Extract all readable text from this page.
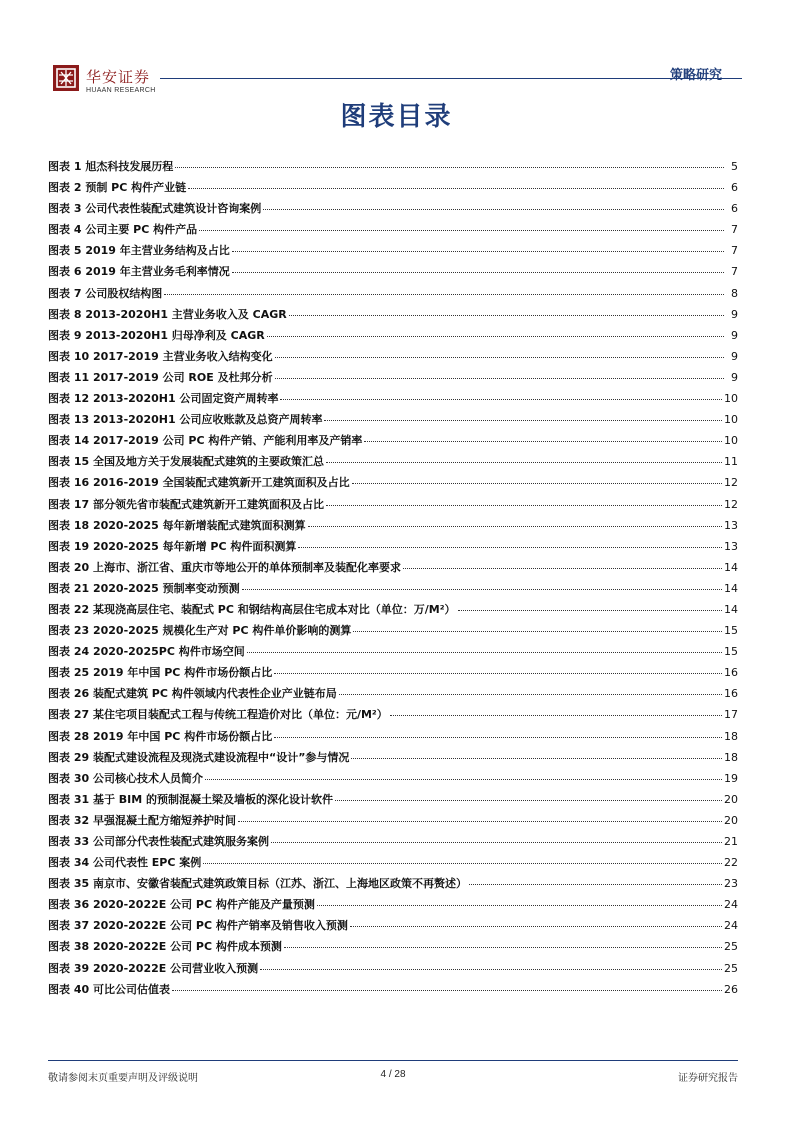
华安证券
HUAAN RESEARCH
策略研究
图表目录
图表 1 旭杰科技发展历程	5
图表 2 预制 PC 构件产业链	6
图表 3 公司代表性装配式建筑设计咨询案例	6
图表 4 公司主要 PC 构件产品	7
图表 5 2019 年主营业务结构及占比	7
图表 6 2019 年主营业务毛利率情况	7
图表 7 公司股权结构图	8
图表 8 2013-2020H1 主营业务收入及 CAGR	9
图表 9 2013-2020H1 归母净利及 CAGR	9
图表 10 2017-2019 主营业务收入结构变化	9
图表 11 2017-2019 公司 ROE 及杜邦分析	9
图表 12 2013-2020H1 公司固定资产周转率	10
图表 13 2013-2020H1 公司应收账款及总资产周转率	10
图表 14 2017-2019 公司 PC 构件产销、产能利用率及产销率	10
图表 15 全国及地方关于发展装配式建筑的主要政策汇总	11
图表 16 2016-2019 全国装配式建筑新开工建筑面积及占比	12
图表 17 部分领先省市装配式建筑新开工建筑面积及占比	12
图表 18 2020-2025 每年新增装配式建筑面积测算	13
图表 19 2020-2025 每年新增 PC 构件面积测算	13
图表 20 上海市、浙江省、重庆市等地公开的单体预制率及装配化率要求	14
图表 21 2020-2025 预制率变动预测	14
图表 22 某现浇高层住宅、装配式 PC 和钢结构高层住宅成本对比（单位：万/M²）	14
图表 23 2020-2025 规模化生产对 PC 构件单价影响的测算	15
图表 24 2020-2025PC 构件市场空间	15
图表 25 2019 年中国 PC 构件市场份额占比	16
图表 26 装配式建筑 PC 构件领域内代表性企业产业链布局	16
图表 27 某住宅项目装配式工程与传统工程造价对比（单位：元/M²）	17
图表 28 2019 年中国 PC 构件市场份额占比	18
图表 29 装配式建设流程及现浇式建设流程中“设计”参与情况	18
图表 30 公司核心技术人员简介	19
图表 31 基于 BIM 的预制混凝土梁及墙板的深化设计软件	20
图表 32 早强混凝土配方缩短养护时间	20
图表 33 公司部分代表性装配式建筑服务案例	21
图表 34 公司代表性 EPC 案例	22
图表 35 南京市、安徽省装配式建筑政策目标（江苏、浙江、上海地区政策不再赘述）	23
图表 36 2020-2022E 公司 PC 构件产能及产量预测	24
图表 37 2020-2022E 公司 PC 构件产销率及销售收入预测	24
图表 38 2020-2022E 公司 PC 构件成本预测	25
图表 39 2020-2022E 公司营业收入预测	25
图表 40 可比公司估值表	26
敬请参阅末页重要声明及评级说明	4 / 28	证券研究报告
